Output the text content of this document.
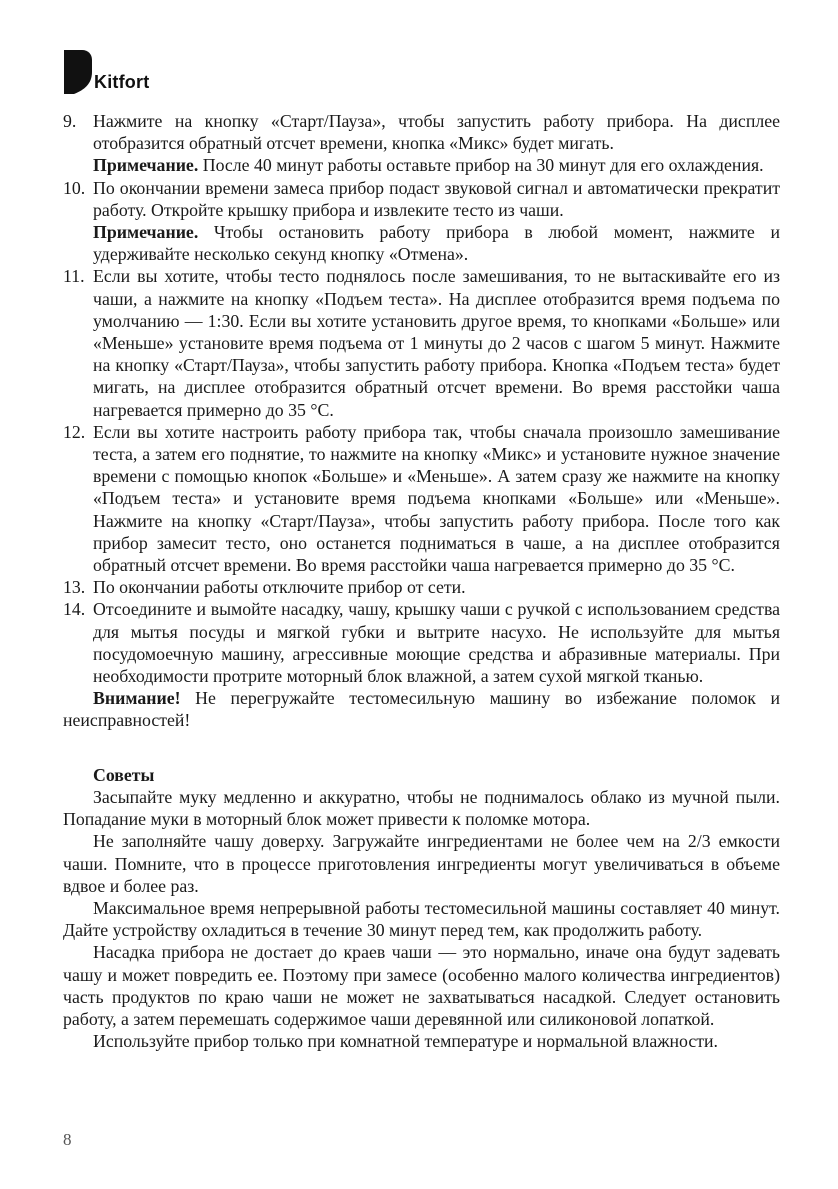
Kitfort
9. Нажмите на кнопку «Старт/Пауза», чтобы запустить работу прибора. На дисплее отобразится обратный отсчет времени, кнопка «Микс» будет мигать.

Примечание. После 40 минут работы оставьте прибор на 30 минут для его охлаждения.

10. По окончании времени замеса прибор подаст звуковой сигнал и автоматически прекратит работу. Откройте крышку прибора и извлеките тесто из чаши.

Примечание. Чтобы остановить работу прибора в любой момент, нажмите и удерживайте несколько секунд кнопку «Отмена».

11. Если вы хотите, чтобы тесто поднялось после замешивания, то не вытаскивайте его из чаши, а нажмите на кнопку «Подъем теста». На дисплее отобразится время подъема по умолчанию — 1:30. Если вы хотите установить другое время, то кнопками «Больше» или «Меньше» установите время подъема от 1 минуты до 2 часов с шагом 5 минут. Нажмите на кнопку «Старт/Пауза», чтобы запустить работу прибора. Кнопка «Подъем теста» будет мигать, на дисплее отобразится обратный отсчет времени. Во время расстойки чаша нагревается примерно до 35 °C.

12. Если вы хотите настроить работу прибора так, чтобы сначала произошло замешивание теста, а затем его поднятие, то нажмите на кнопку «Микс» и установите нужное значение времени с помощью кнопок «Больше» и «Меньше». А затем сразу же нажмите на кнопку «Подъем теста» и установите время подъема кнопками «Больше» или «Меньше». Нажмите на кнопку «Старт/Пауза», чтобы запустить работу прибора. После того как прибор замесит тесто, оно останется подниматься в чаше, а на дисплее отобразится обратный отсчет времени. Во время расстойки чаша нагревается примерно до 35 °C.

13. По окончании работы отключите прибор от сети.

14. Отсоедините и вымойте насадку, чашу, крышку чаши с ручкой с использованием средства для мытья посуды и мягкой губки и вытрите насухо. Не используйте для мытья посудомоечную машину, агрессивные моющие средства и абразивные материалы. При необходимости протрите моторный блок влажной, а затем сухой мягкой тканью.

Внимание! Не перегружайте тестомесильную машину во избежание поломок и неисправностей!

Советы

Засыпайте муку медленно и аккуратно, чтобы не поднималось облако из мучной пыли. Попадание муки в моторный блок может привести к поломке мотора.

Не заполняйте чашу доверху. Загружайте ингредиентами не более чем на 2/3 емкости чаши. Помните, что в процессе приготовления ингредиенты могут увеличиваться в объеме вдвое и более раз.

Максимальное время непрерывной работы тестомесильной машины составляет 40 минут. Дайте устройству охладиться в течение 30 минут перед тем, как продолжить работу.

Насадка прибора не достает до краев чаши — это нормально, иначе она будут задевать чашу и может повредить ее. Поэтому при замесе (особенно малого количества ингредиентов) часть продуктов по краю чаши не может не захватываться насадкой. Следует остановить работу, а затем перемешать содержимое чаши деревянной или силиконовой лопаткой.

Используйте прибор только при комнатной температуре и нормальной влажности.

8
